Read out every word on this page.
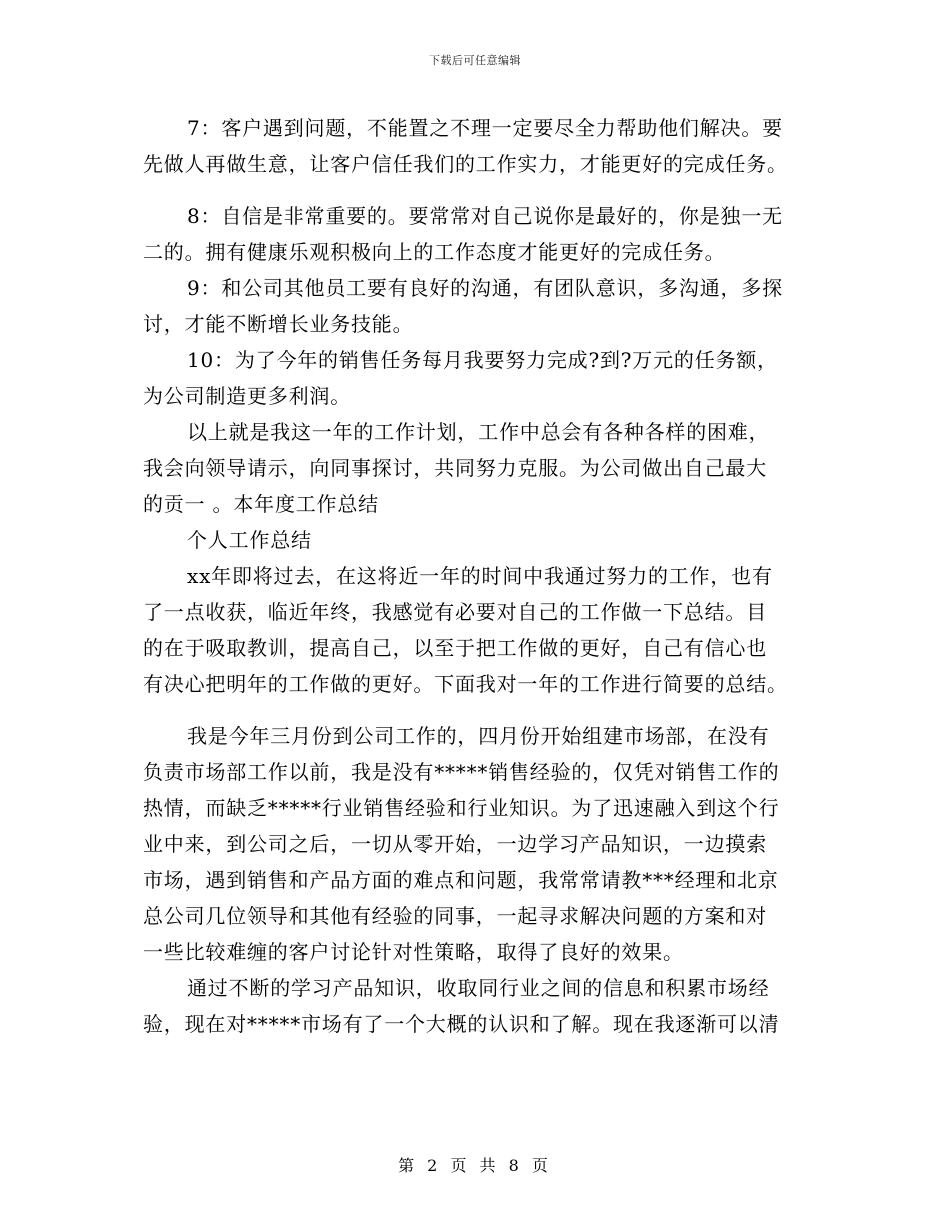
下载后可任意编辑
7：客户遇到问题，不能置之不理一定要尽全力帮助他们解决。要
先做人再做生意，让客户信任我们的工作实力，才能更好的完成任务。
8：自信是非常重要的。要常常对自己说你是最好的，你是独一无
二的。拥有健康乐观积极向上的工作态度才能更好的完成任务。
9：和公司其他员工要有良好的沟通，有团队意识，多沟通，多探
讨，才能不断增长业务技能。
10：为了今年的销售任务每月我要努力完成?到?万元的任务额，
为公司制造更多利润。
以上就是我这一年的工作计划，工作中总会有各种各样的困难，
我会向领导请示，向同事探讨，共同努力克服。为公司做出自己最大
的贡一 。本年度工作总结
个人工作总结
xx年即将过去，在这将近一年的时间中我通过努力的工作，也有
了一点收获，临近年终，我感觉有必要对自己的工作做一下总结。目
的在于吸取教训，提高自己，以至于把工作做的更好，自己有信心也
有决心把明年的工作做的更好。下面我对一年的工作进行简要的总结。
我是今年三月份到公司工作的，四月份开始组建市场部，在没有
负责市场部工作以前，我是没有*****销售经验的，仅凭对销售工作的
热情，而缺乏*****行业销售经验和行业知识。为了迅速融入到这个行
业中来，到公司之后，一切从零开始，一边学习产品知识，一边摸索
市场，遇到销售和产品方面的难点和问题，我常常请教***经理和北京
总公司几位领导和其他有经验的同事，一起寻求解决问题的方案和对
一些比较难缠的客户讨论针对性策略，取得了良好的效果。
通过不断的学习产品知识，收取同行业之间的信息和积累市场经
验，现在对*****市场有了一个大概的认识和了解。现在我逐渐可以清
第 2 页 共 8 页
